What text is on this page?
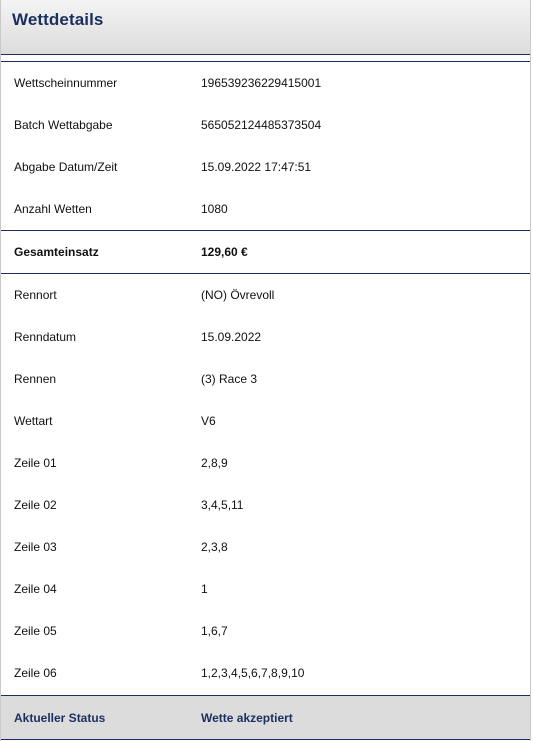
Wettdetails
Wettscheinnummer	196539236229415001
Batch Wettabgabe	565052124485373504
Abgabe Datum/Zeit	15.09.2022 17:47:51
Anzahl Wetten	1080
Gesamteinsatz	129,60 €
Rennort	(NO) Övrevoll
Renndatum	15.09.2022
Rennen	(3) Race 3
Wettart	V6
Zeile 01	2,8,9
Zeile 02	3,4,5,11
Zeile 03	2,3,8
Zeile 04	1
Zeile 05	1,6,7
Zeile 06	1,2,3,4,5,6,7,8,9,10
Aktueller Status	Wette akzeptiert
